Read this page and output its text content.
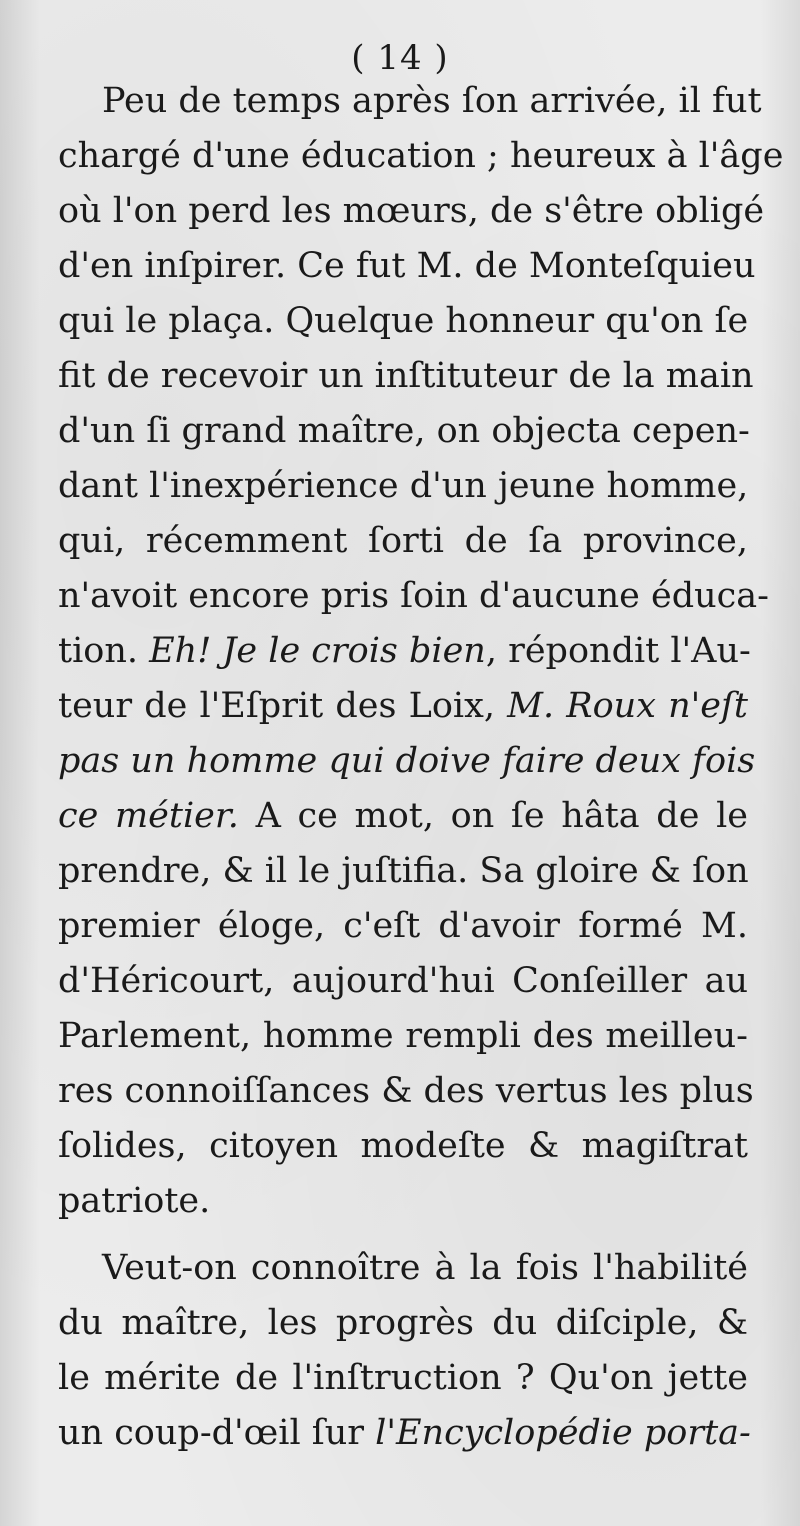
( 14 )
Peu de temps après ſon arrivée, il fut
chargé d'une éducation ; heureux à l'âge
où l'on perd les mœurs, de s'être obligé
d'en inſpirer. Ce fut M. de Monteſquieu
qui le plaça. Quelque honneur qu'on ſe
fit de recevoir un inſtituteur de la main
d'un ſi grand maître, on objecta cepen-
dant l'inexpérience d'un jeune homme,
qui, récemment ſorti de ſa province,
n'avoit encore pris ſoin d'aucune éduca-
tion. Eh! Je le crois bien, répondit l'Au-
teur de l'Eſprit des Loix, M. Roux n'eſt
pas un homme qui doive faire deux fois
ce métier. A ce mot, on ſe hâta de le
prendre, & il le juſtifia. Sa gloire & ſon
premier éloge, c'eſt d'avoir formé M.
d'Héricourt, aujourd'hui Conſeiller au
Parlement, homme rempli des meilleu-
res connoiſſances & des vertus les plus
ſolides, citoyen modeſte & magiſtrat
patriote.
Veut-on connoître à la fois l'habilité
du maître, les progrès du diſciple, &
le mérite de l'inſtruction ? Qu'on jette
un coup-d'œil ſur l'Encyclopédie porta-
